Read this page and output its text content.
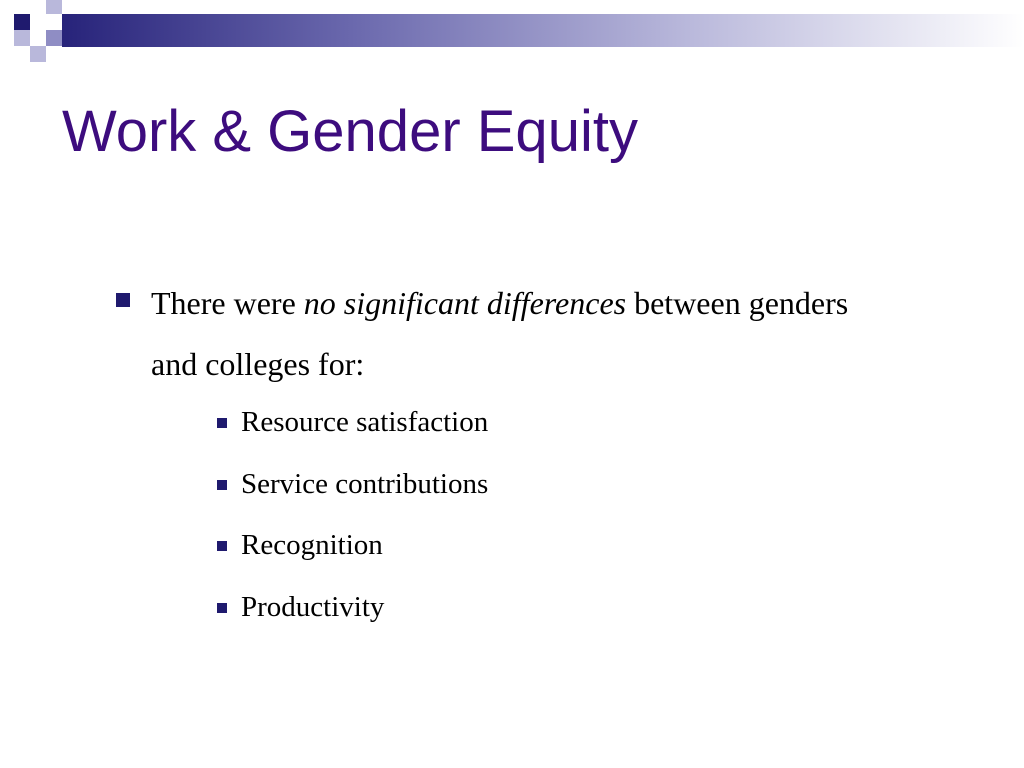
Work & Gender Equity
There were no significant differences between genders and colleges for:
Resource satisfaction
Service contributions
Recognition
Productivity
